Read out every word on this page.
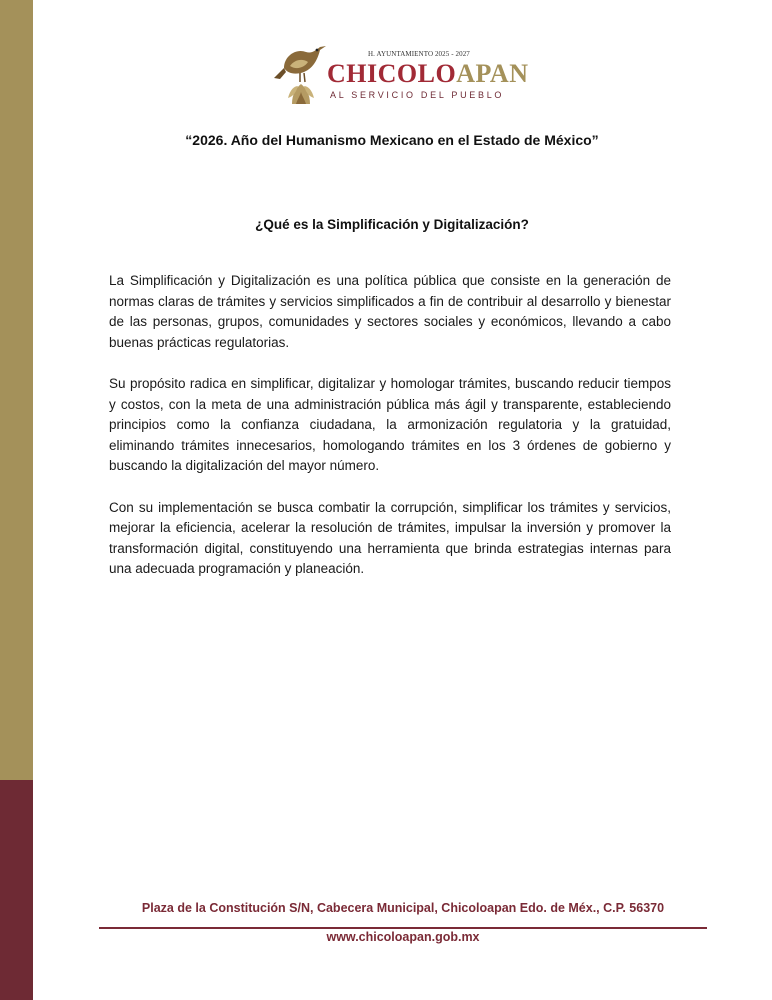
H. AYUNTAMIENTO 2025 - 2027
CHICOLOAPAN
AL SERVICIO DEL PUEBLO
“2026. Año del Humanismo Mexicano en el Estado de México”
¿Qué es la Simplificación y Digitalización?

La Simplificación y Digitalización es una política pública que consiste en la generación de normas claras de trámites y servicios simplificados a fin de contribuir al desarrollo y bienestar de las personas, grupos, comunidades y sectores sociales y económicos, llevando a cabo buenas prácticas regulatorias.

Su propósito radica en simplificar, digitalizar y homologar trámites, buscando reducir tiempos y costos, con la meta de una administración pública más ágil y transparente, estableciendo principios como la confianza ciudadana, la armonización regulatoria y la gratuidad, eliminando trámites innecesarios, homologando trámites en los 3 órdenes de gobierno y buscando la digitalización del mayor número.

Con su implementación se busca combatir la corrupción, simplificar los trámites y servicios, mejorar la eficiencia, acelerar la resolución de trámites, impulsar la inversión y promover la transformación digital, constituyendo una herramienta que brinda estrategias internas para una adecuada programación y planeación.

Plaza de la Constitución S/N, Cabecera Municipal, Chicoloapan Edo. de Méx., C.P. 56370
www.chicoloapan.gob.mx
